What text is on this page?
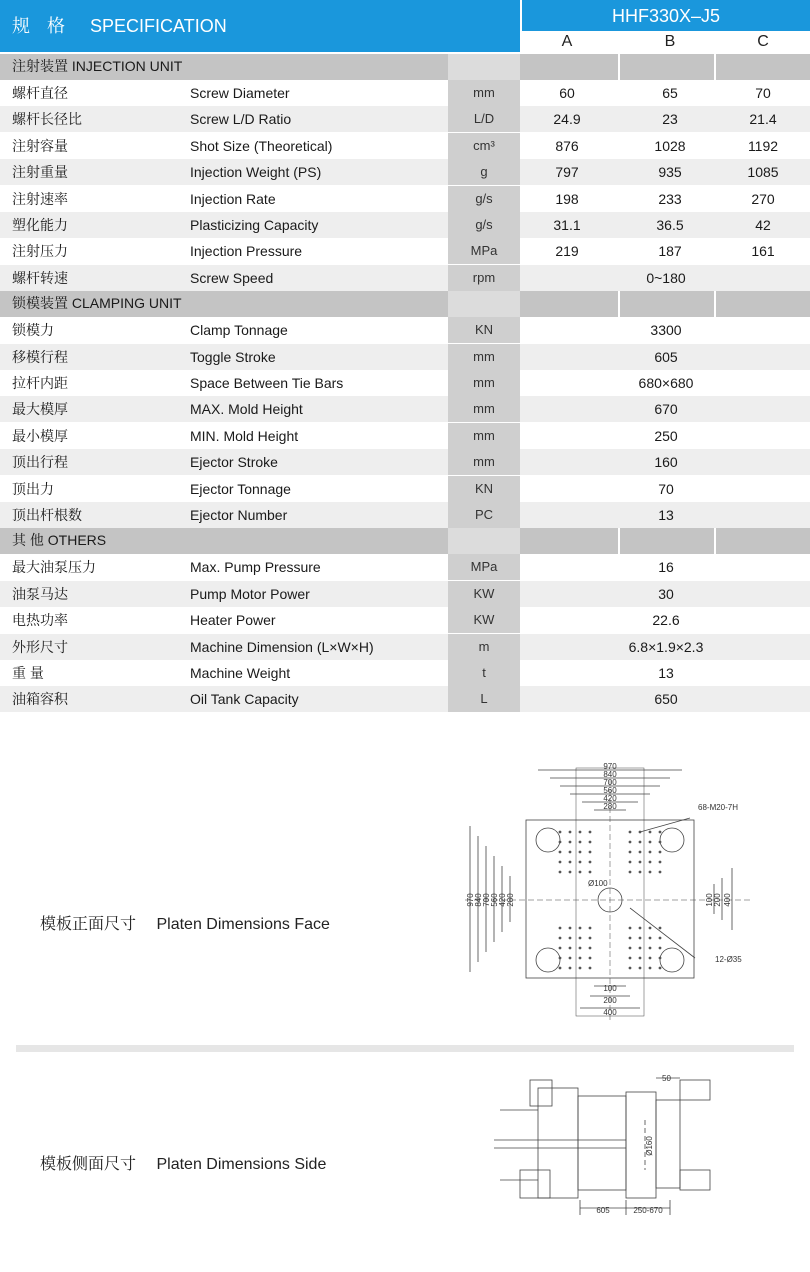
规 格 SPECIFICATION	HHF330X–J5
A	B	C
注射装置 INJECTION UNIT
螺杆直径	Screw Diameter	mm	60	65	70
螺杆长径比	Screw L/D Ratio	L/D	24.9	23	21.4
注射容量	Shot Size (Theoretical)	cm³	876	1028	1192
注射重量	Injection Weight (PS)	g	797	935	1085
注射速率	Injection Rate	g/s	198	233	270
塑化能力	Plasticizing Capacity	g/s	31.1	36.5	42
注射压力	Injection Pressure	MPa	219	187	161
螺杆转速	Screw Speed	rpm	0~180
锁模装置 CLAMPING UNIT
锁模力	Clamp Tonnage	KN	3300
移模行程	Toggle Stroke	mm	605
拉杆内距	Space Between Tie Bars	mm	680×680
最大模厚	MAX. Mold Height	mm	670
最小模厚	MIN. Mold Height	mm	250
顶出行程	Ejector Stroke	mm	160
顶出力	Ejector Tonnage	KN	70
顶出杆根数	Ejector Number	PC	13
其 他 OTHERS
最大油泵压力	Max. Pump Pressure	MPa	16
油泵马达	Pump Motor Power	KW	30
电热功率	Heater Power	KW	22.6
外形尺寸	Machine Dimension (L×W×H)	m	6.8×1.9×2.3
重 量	Machine Weight	t	13
油箱容积	Oil Tank Capacity	L	650
模板正面尺寸 Platen Dimensions Face
970
840
700
560
420
280
970 840 700 560 420 280	100 200 400
100
200
400
68-M20-7H
Ø100
12-Ø35
模板侧面尺寸 Platen Dimensions Side
50
Ø160
605	250-670
